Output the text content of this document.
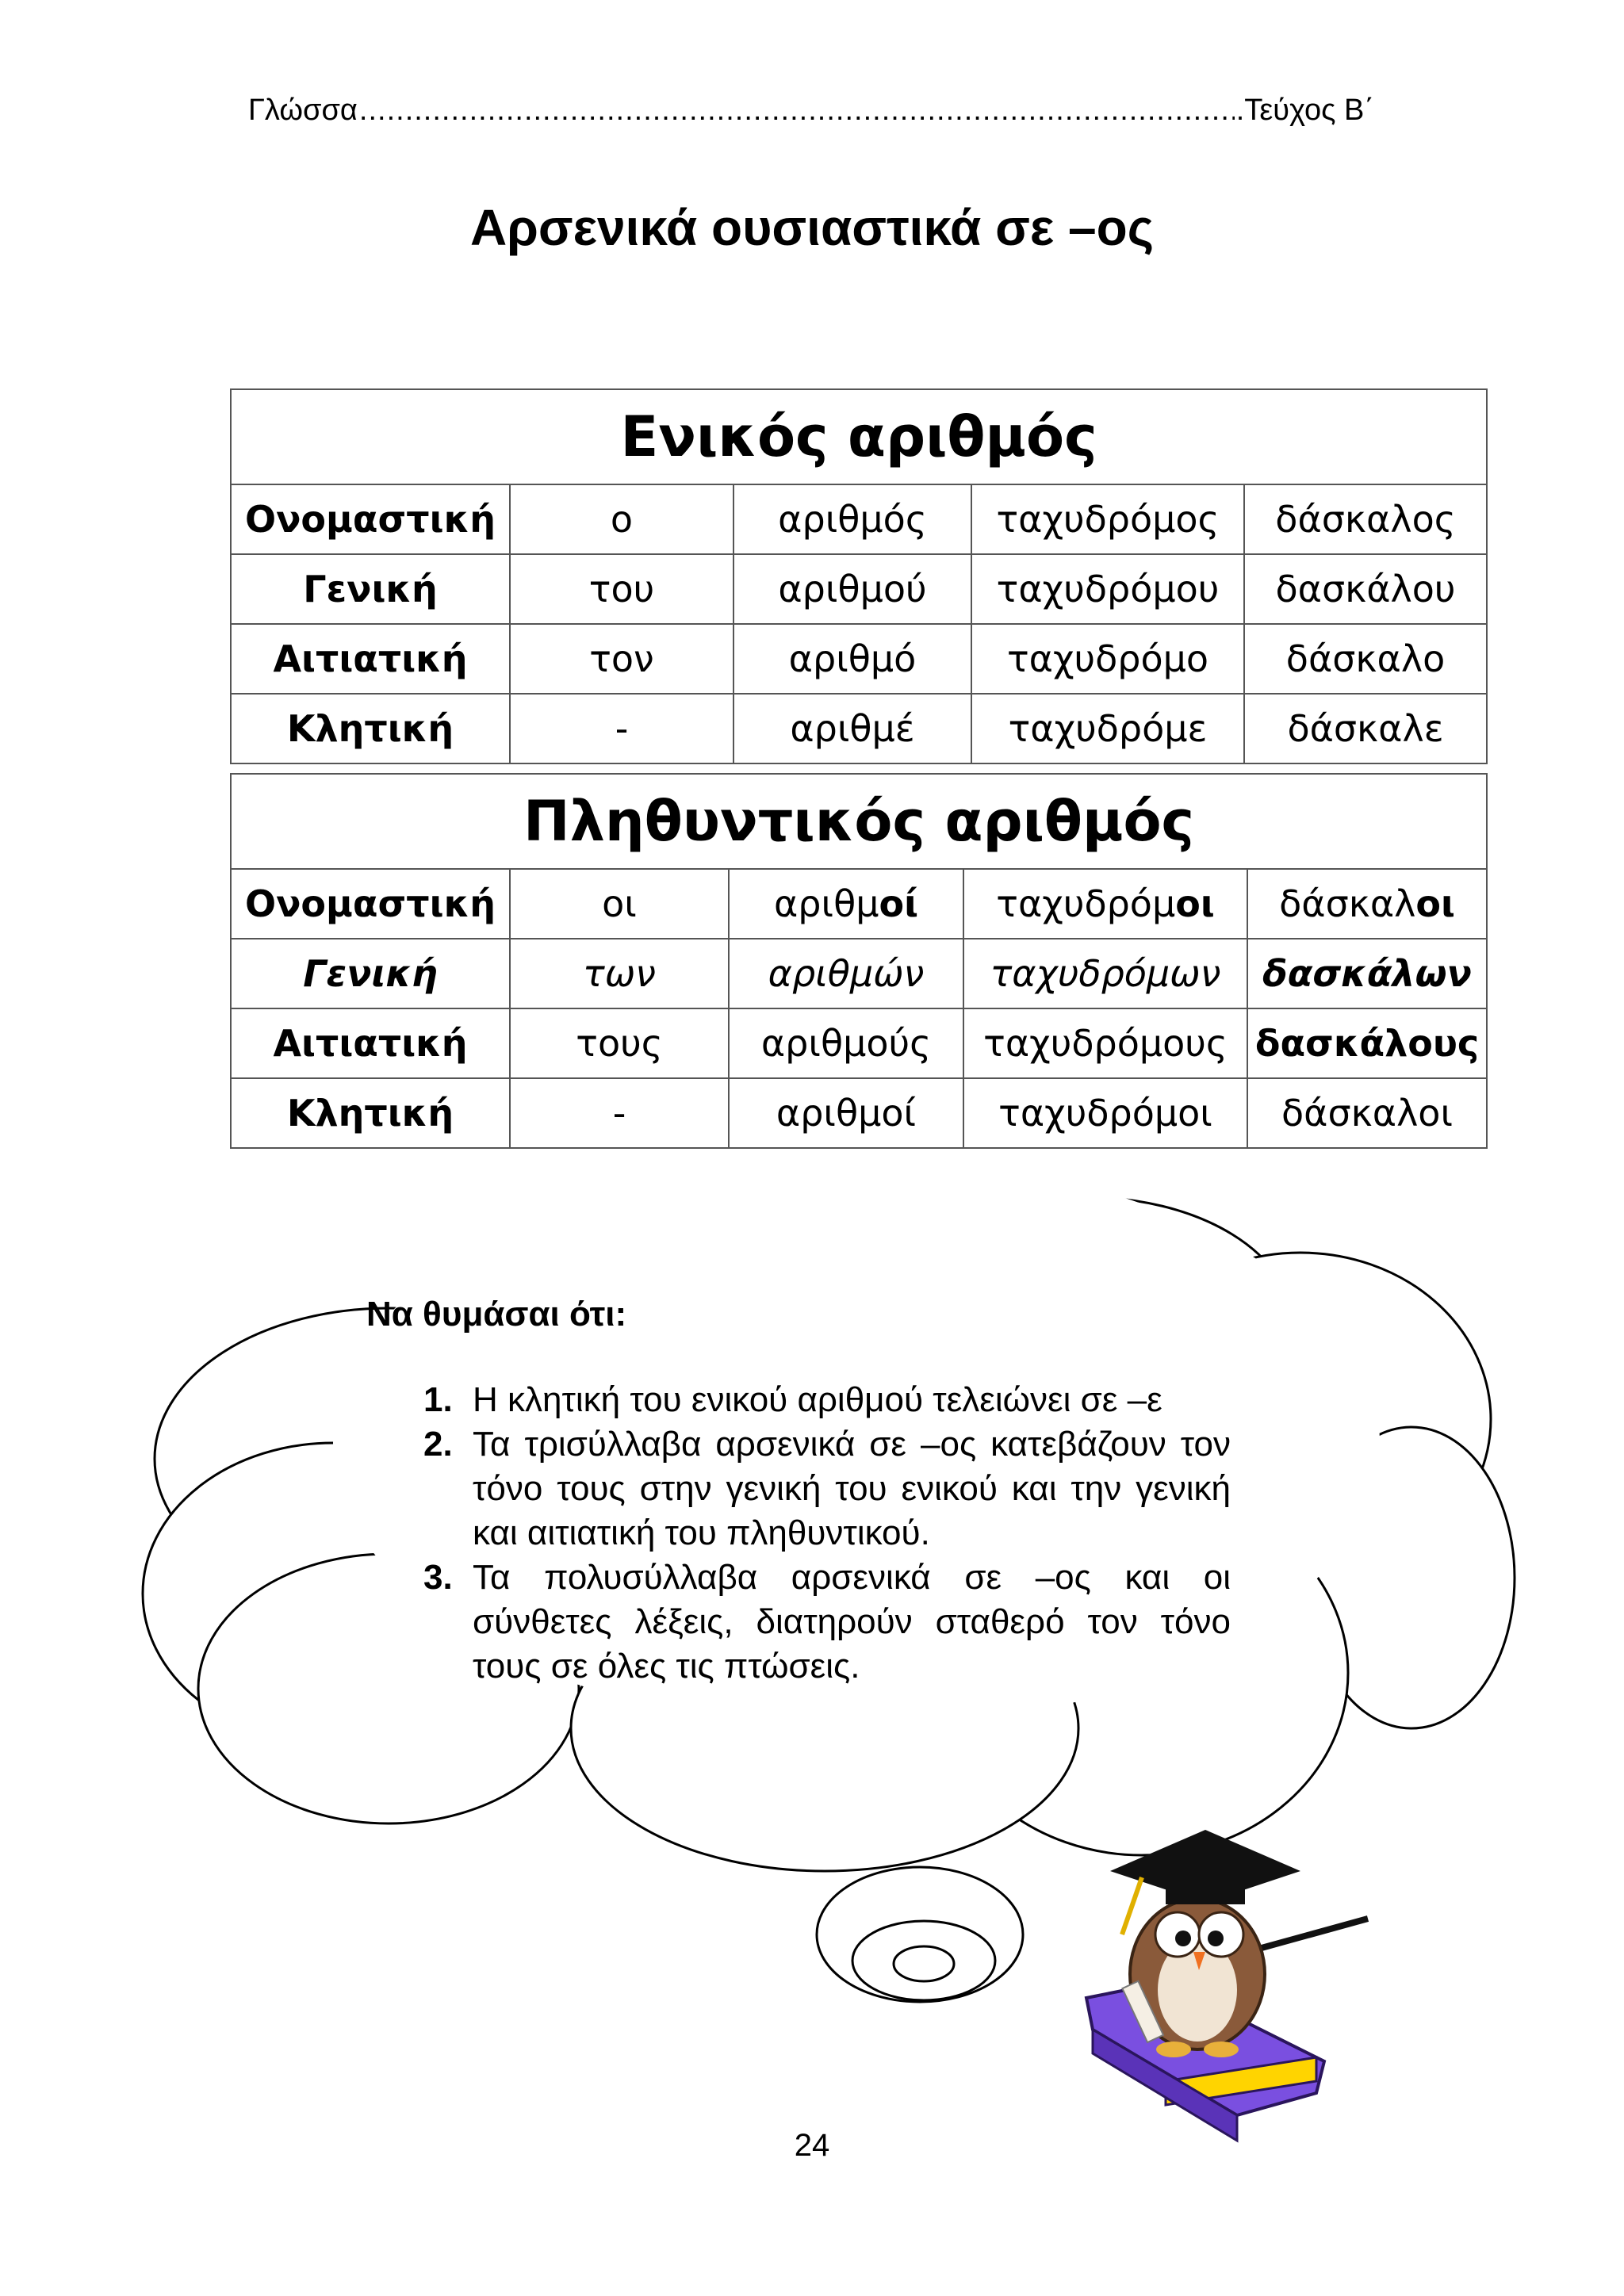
Γλώσσα .....	.Τεύχος Β΄
Αρσενικά ουσιαστικά σε –ος
Ενικός αριθμός				
Ονομαστική	ο	αριθμός	ταχυδρόμος	δάσκαλος
Γενική	του	αριθμού	ταχυδρόμου	δασκάλου
Αιτιατική	τον	αριθμό	ταχυδρόμο	δάσκαλο
Κλητική	-	αριθμέ	ταχυδρόμε	δάσκαλε
Πληθυντικός αριθμός				
Ονομαστική	οι	αριθμοί	ταχυδρόμοι	δάσκαλοι
Γενική	των	αριθμών	ταχυδρόμων	δασκάλων
Αιτιατική	τους	αριθμούς	ταχυδρόμους	δασκάλους
Κλητική	-	αριθμοί	ταχυδρόμοι	δάσκαλοι
Να θυμάσαι ότι:
1. Η κλητική του ενικού αριθμού τελειώνει σε –ε
2. Τα τρισύλλαβα αρσενικά σε –ος κατεβάζουν τον τόνο τους στην γενική του ενικού και την γενική και αιτιατική του πληθυντικού.
3. Τα πολυσύλλαβα αρσενικά σε –ος και οι σύνθετες λέξεις, διατηρούν σταθερό τον τόνο τους σε όλες τις πτώσεις.
24
